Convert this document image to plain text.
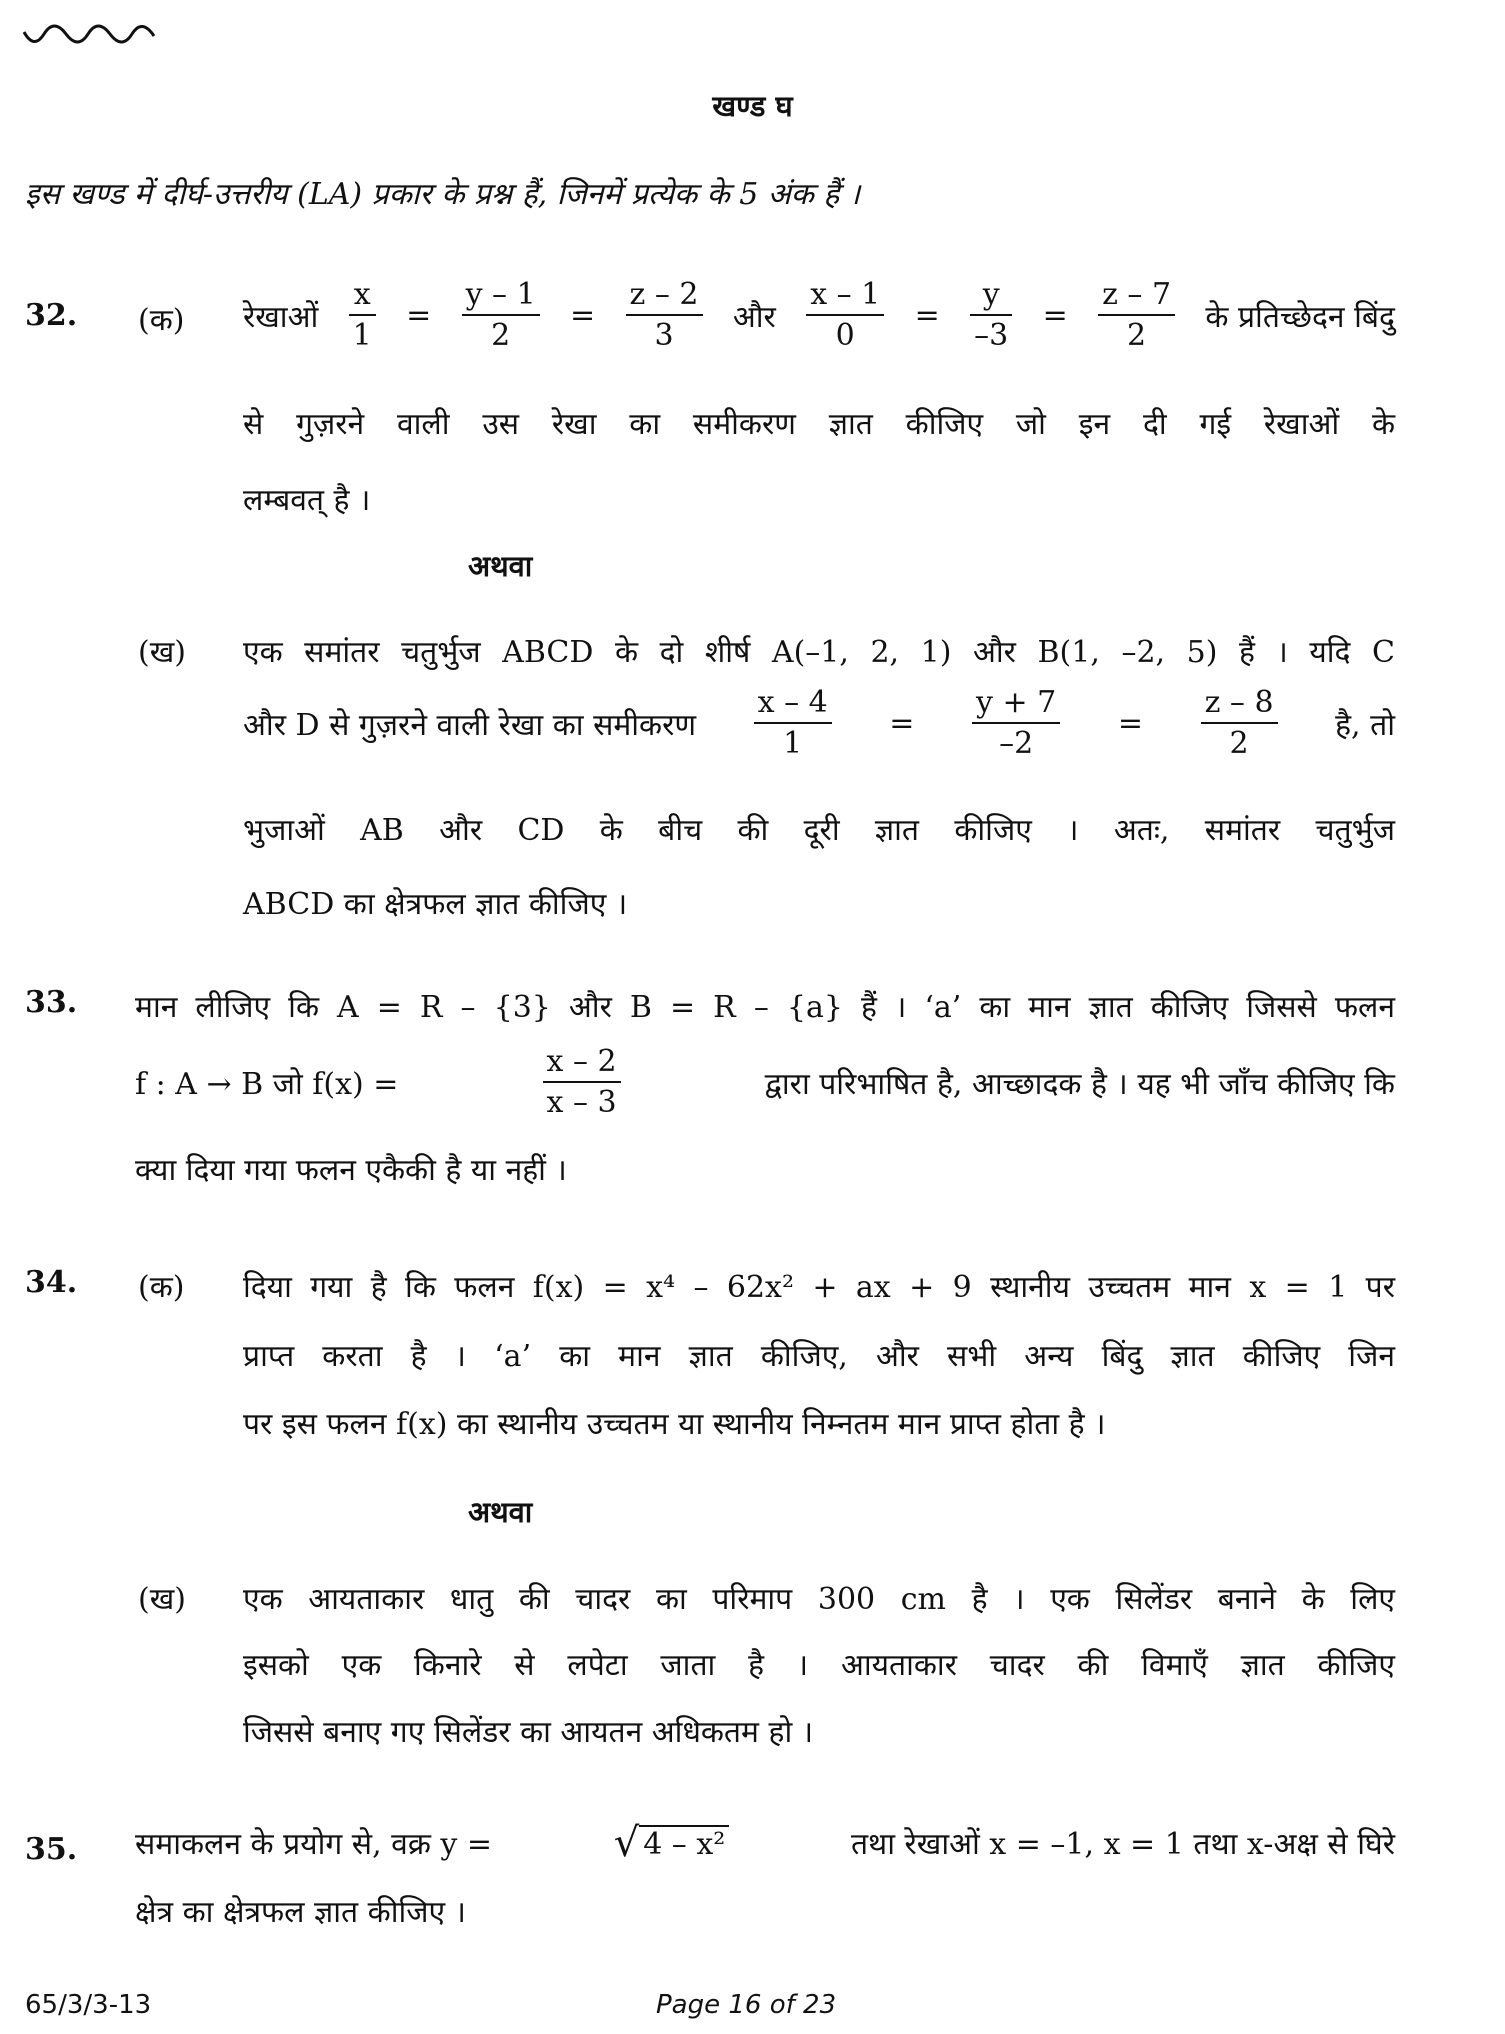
खण्ड घ
इस खण्ड में दीर्घ-उत्तरीय (LA) प्रकार के प्रश्न हैं, जिनमें प्रत्येक के 5 अंक हैं ।
32. (क) रेखाओं $\frac{x}{1} = \frac{y - 1}{2} = \frac{z - 2}{3}$ और $\frac{x - 1}{0} = \frac{y}{-3} = \frac{z - 7}{2}$ के प्रतिच्छेदन बिंदु
से गुज़रने वाली उस रेखा का समीकरण ज्ञात कीजिए जो इन दी गई रेखाओं के
लम्बवत् है ।
अथवा
(ख) एक समांतर चतुर्भुज ABCD के दो शीर्ष A(–1, 2, 1) और B(1, –2, 5) हैं । यदि C
और D से गुज़रने वाली रेखा का समीकरण $\frac{x - 4}{1} = \frac{y + 7}{-2} = \frac{z - 8}{2}$ है, तो
भुजाओं AB और CD के बीच की दूरी ज्ञात कीजिए । अतः, समांतर चतुर्भुज
ABCD का क्षेत्रफल ज्ञात कीजिए ।
33. मान लीजिए कि A = R – {3} और B = R – {a} हैं । ‘a’ का मान ज्ञात कीजिए जिससे फलन
f : A → B जो f(x) =	$\frac{x - 2}{x - 3}$	द्वारा परिभाषित है, आच्छादक है । यह भी जाँच कीजिए कि
क्या दिया गया फलन एकैकी है या नहीं ।
34. (क) दिया गया है कि फलन f(x) = x⁴ – 62x² + ax + 9 स्थानीय उच्चतम मान x = 1 पर
प्राप्त करता है । ‘a’ का मान ज्ञात कीजिए, और सभी अन्य बिंदु ज्ञात कीजिए जिन
पर इस फलन f(x) का स्थानीय उच्चतम या स्थानीय निम्नतम मान प्राप्त होता है ।
अथवा
(ख) एक आयताकार धातु की चादर का परिमाप 300 cm है । एक सिलेंडर बनाने के लिए
इसको एक किनारे से लपेटा जाता है । आयताकार चादर की विमाएँ ज्ञात कीजिए
जिससे बनाए गए सिलेंडर का आयतन अधिकतम हो ।
35. समाकलन के प्रयोग से, वक्र y =	√ 4 – x²	तथा रेखाओं x = –1, x = 1 तथा x-अक्ष से घिरे
क्षेत्र का क्षेत्रफल ज्ञात कीजिए ।
65/3/3-13	Page 16 of 23
